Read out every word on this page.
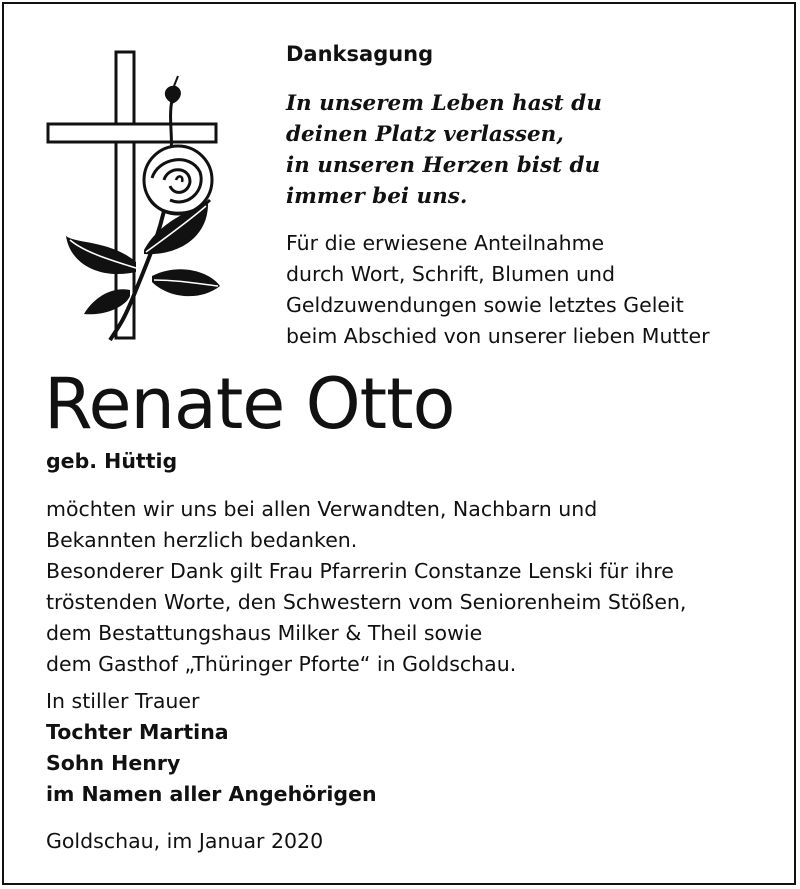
Danksagung
In unserem Leben hast du
deinen Platz verlassen,
in unseren Herzen bist du
immer bei uns.
Für die erwiesene Anteilnahme
durch Wort, Schrift, Blumen und
Geldzuwendungen sowie letztes Geleit
beim Abschied von unserer lieben Mutter
Renate Otto

geb. Hüttig

möchten wir uns bei allen Verwandten, Nachbarn und
Bekannten herzlich bedanken.
Besonderer Dank gilt Frau Pfarrerin Constanze Lenski für ihre
tröstenden Worte, den Schwestern vom Seniorenheim Stößen,
dem Bestattungshaus Milker & Theil sowie
dem Gasthof „Thüringer Pforte“ in Goldschau.
In stiller Trauer
Tochter Martina
Sohn Henry
im Namen aller Angehörigen

Goldschau, im Januar 2020
